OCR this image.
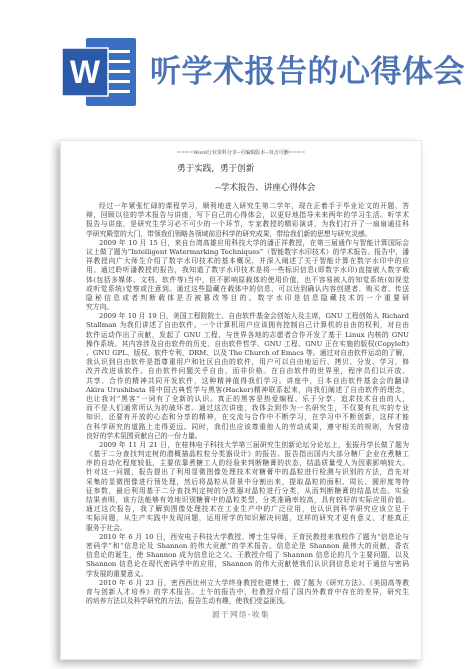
W 听学术报告的心得体会
====Word行业资料分享--可编辑版本--双击可删====
勇于实践，勇于创新
--学术报告、讲座心得体会
经过一年紧张忙碌的课程学习，顺利地进入研究生第二学年，现在正着手于毕业论文的开题、答
辩，回顾以往的学术报告与讲座，写下自己的心得体会，以更好地指导未来两年的学习生活。听学术
报告与讲座，是研究生学习必不可少的一个环节，专家教授的精彩演讲，为我们打开了一扇扇通往科
学研究殿堂的大门，带领我们领略各领域前沿科学的研究成果，带给我们新的思想与研究灵感。
2009 年 10 月 15 日，来自台湾高雄应用科技大学的潘正祥教授，在第三届通作与智能计算国际会
议上做了题为“Intelligent Watermarking Techniques”（智能数字水印技术）的学术报告。报告中，潘
祥教授向广大师生介绍了数字水印技术的基本概况，并深入阐述了关于智能计算在数字水印中的应
用。通过聆听潘教授的报告，我知道了数字水印技术是将一些标识信息(即数字水印)直接嵌入数字载
体(包括多媒体、文档、软件等)当中，但不影响原载体的使用价值，也不容易被人的知觉系统(如视觉
或听觉系统)觉察或注意到。通过这些隐藏在载体中的信息，可以达到确认内容创建者、购买者、传送
隐秘信息或者判断载体是否被篡改等目的。数字水印是信息隐藏技术的一个重要研
究方向。
2009 年 10 月 19 日，美国工程院院士、自由软件基金会创始人及主席，GNU 工程创始人 Richard
Stallman 为我们讲述了自由软件。一个计算机用户应该拥有控制自己计算机的自由的权利，对自由
软件运动作出了贡献，发起了 GNU 工程，与世界各地的志愿者合作开发了基于 Linux 内核的 GNU
操作系统。其内容涉及自由软件的历史、自由软件哲学、GNU 工程、GNU 正在实施的版权(Copyleft)
、GNU GPL、版权、软件专利、DRM、以及 The Church of Emacs 等。通过对自由软件运动的了解，
我认识到自由软件是指尊重用户和社区自由的软件，用户可以自由地运行、拷贝、分发、学习、修
改并改进该软件。自由软件问题关乎自由，而非价格。在自由软件的世界里，程序员们以开放、
共享、合作的精神共同开发软件，这种精神值得我们学习。讲座中，日本自由软件基金会的翻译
Akira Urushibata 将中国古典哲学与黑客(Hacker)精神联系起来，向我们阐述了自由软件的理念，
也让我对“黑客”一词有了全新的认识。真正的黑客是热爱编程、乐于分享、追求技术自由的人，
而不是人们通常所认为的破坏者。通过这次讲座，我体会到作为一名研究生，不仅要有扎实的专业
知识，还要有开放的心态和分享的精神，在交流与合作中不断学习，在学习中不断创新，这样才能
在科学研究的道路上走得更远。同时，我们也应该尊重他人的劳动成果，遵守相关的规则，为营造
良好的学术氛围贡献自己的一份力量。
2009 年 11 月 21 日，在桂林电子科技大学第三届研究生创新论坛分论坛上，张振丹学长做了题为
《基于二分查找判定树的潜概描晶粒粒分类器设计》的报告。报告指出国内大部分糖厂企业在煮糖工
序的自动化程度较低，主要依靠煮糖工人的经验来判断糖膏的状态，结晶质量受人为因素影响较大。
针对这一问题，报告提出了利用显微图像处理技术对糖膏中的晶粒进行检测与识别的方法，首先对
采集的显微图像进行预处理，然后将晶粒从背景中分割出来，提取晶粒的面积、周长、圆形度等特
征参数，最后利用基于二分查找判定树的分类器对晶粒进行分类，从而判断糖膏的结晶状态。实验
结果表明，该方法能够有效地识别糖膏中的晶粒类型，分类准确率较高，具有较好的实际应用价值。
通过这次报告，我了解到图像处理技术在工业生产中的广泛应用，也认识到科学研究应该立足于
实际问题，从生产实践中发现问题，运用所学的知识解决问题，这样的研究才更有意义，才能真正
服务于社会。
2010 年 6 月 10 日，西安电子科技大学教授、博士生导师，王育民教授来我校作了题为“信息论与
密码学”和“信息论及 Shannon 的伟大贡献”的学术报告。信息论是 Shannon 最伟大的贡献，香农
信息论的诞生，使 Shannon 成为信息论之父。王教授介绍了 Shannon 信息论的几个主要问题，以及
Shannon 信息论在现代密码学中的应用，Shannon 的伟大贡献使我们认识到信息论对于通信与密码
学发展的重要意义。
2010 年 6 月 23 日，密西西比州立大学终身教授杜建博士，做了题为《研究方法》、《美国高等教
育与创新人才培养》的学术报告。上午的报告中，杜教授介绍了国内外教育中存在的差异，研究生
的培养方法以及科学研究的方法，报告生动有趣，使我们受益匪浅。
源于网络-收集
